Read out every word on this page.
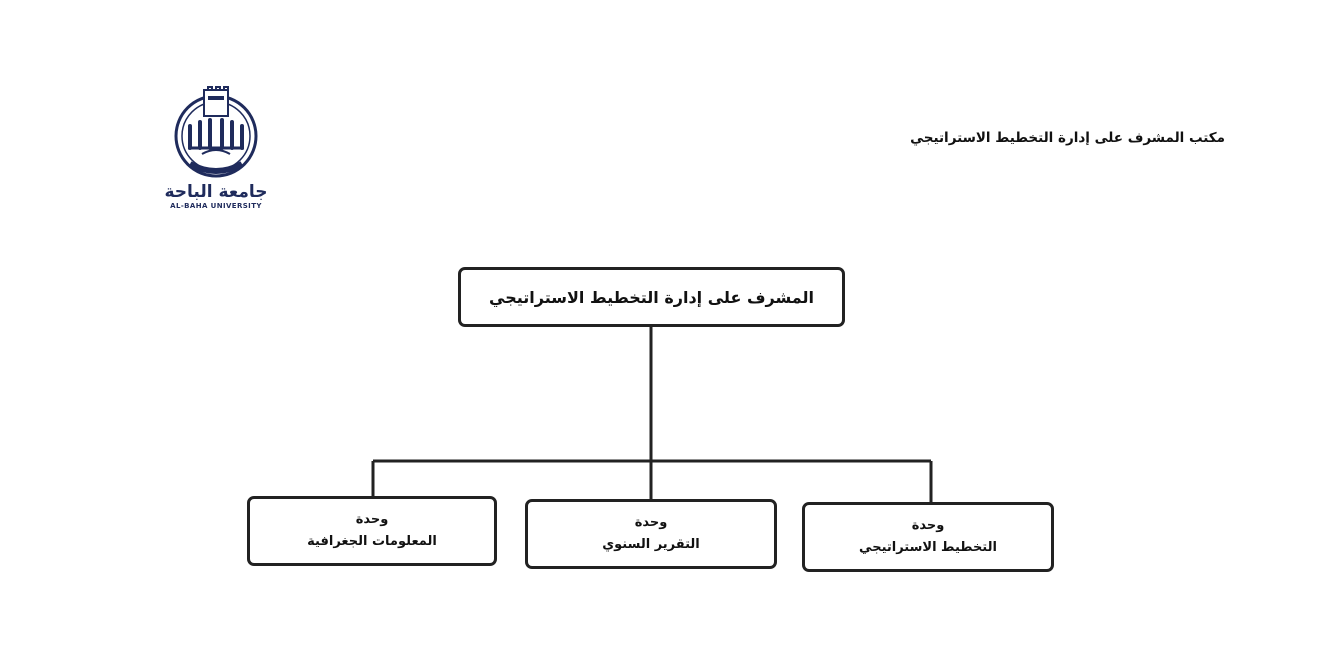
جامعة الباحة
AL-BAHA UNIVERSITY
مكتب المشرف على إدارة التخطيط الاستراتيجي
المشرف على إدارة التخطيط الاستراتيجي
وحدة
المعلومات الجغرافية
وحدة
التقرير السنوي
وحدة
التخطيط الاستراتيجي
